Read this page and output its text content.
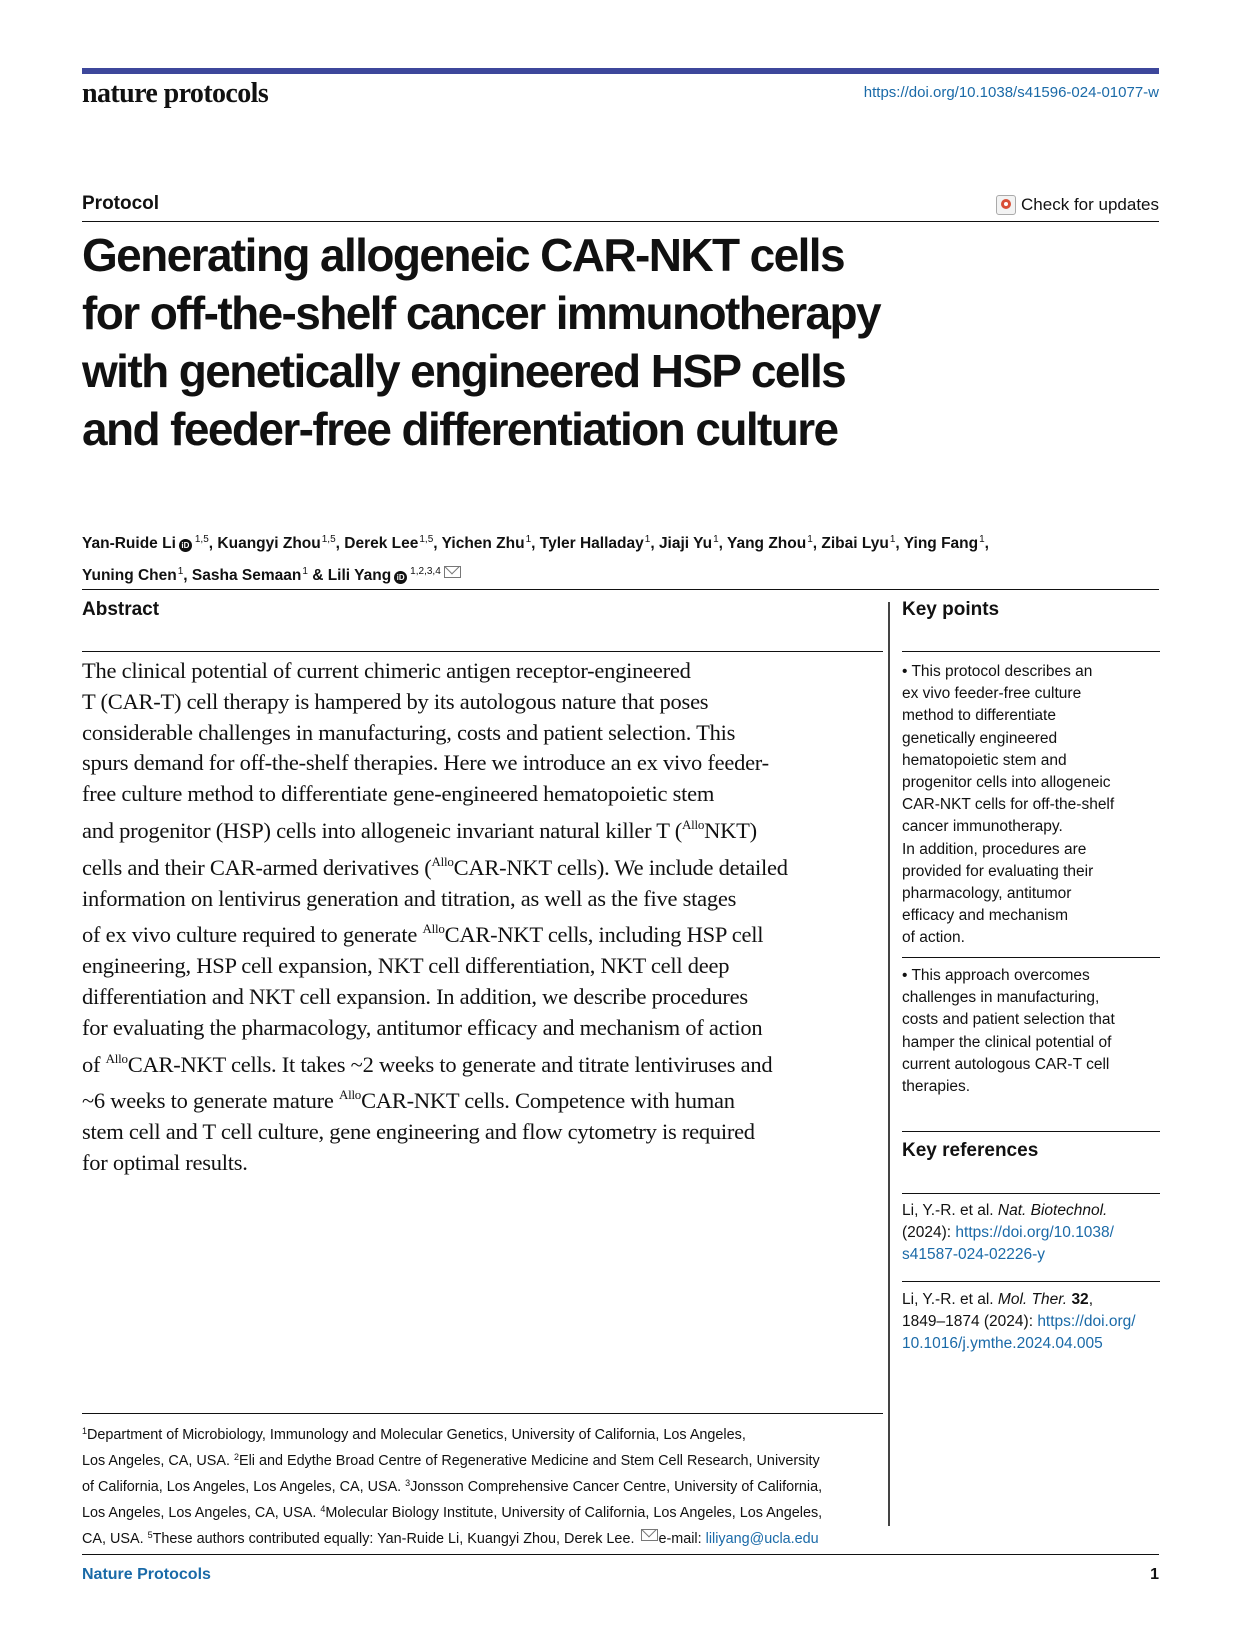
nature protocols	https://doi.org/10.1038/s41596-024-01077-w
Protocol	Check for updates
Generating allogeneic CAR-NKT cells
for off-the-shelf cancer immunotherapy
with genetically engineered HSP cells
and feeder-free differentiation culture
Yan-Ruide Li iD$^{1,5}$, Kuangyi Zhou$^{1,5}$, Derek Lee$^{1,5}$, Yichen Zhu$^1$, Tyler Halladay$^1$, Jiaji Yu$^1$, Yang Zhou$^1$, Zibai Lyu$^1$, Ying Fang$^1$,
Yuning Chen$^1$, Sasha Semaan$^1$ & Lili Yang iD$^{1,2,3,4}$
Abstract
The clinical potential of current chimeric antigen receptor-engineered
T (CAR-T) cell therapy is hampered by its autologous nature that poses
considerable challenges in manufacturing, costs and patient selection. This
spurs demand for off-the-shelf therapies. Here we introduce an ex vivo feeder-
free culture method to differentiate gene-engineered hematopoietic stem
and progenitor (HSP) cells into allogeneic invariant natural killer T ($^{Allo}$NKT)
cells and their CAR-armed derivatives ($^{Allo}$CAR-NKT cells). We include detailed
information on lentivirus generation and titration, as well as the five stages
of ex vivo culture required to generate $^{Allo}$CAR-NKT cells, including HSP cell
engineering, HSP cell expansion, NKT cell differentiation, NKT cell deep
differentiation and NKT cell expansion. In addition, we describe procedures
for evaluating the pharmacology, antitumor efficacy and mechanism of action
of $^{Allo}$CAR-NKT cells. It takes ~2 weeks to generate and titrate lentiviruses and
~6 weeks to generate mature $^{Allo}$CAR-NKT cells. Competence with human
stem cell and T cell culture, gene engineering and flow cytometry is required
for optimal results.
Key points
• This protocol describes an
ex vivo feeder-free culture
method to differentiate
genetically engineered
hematopoietic stem and
progenitor cells into allogeneic
CAR-NKT cells for off-the-shelf
cancer immunotherapy.
In addition, procedures are
provided for evaluating their
pharmacology, antitumor
efficacy and mechanism
of action.
• This approach overcomes
challenges in manufacturing,
costs and patient selection that
hamper the clinical potential of
current autologous CAR-T cell
therapies.
Key references
Li, Y.-R. et al. Nat. Biotechnol.
(2024): https://doi.org/10.1038/
s41587-024-02226-y
Li, Y.-R. et al. Mol. Ther. 32,
1849–1874 (2024): https://doi.org/
10.1016/j.ymthe.2024.04.005
$^1$Department of Microbiology, Immunology and Molecular Genetics, University of California, Los Angeles,
Los Angeles, CA, USA. $^2$Eli and Edythe Broad Centre of Regenerative Medicine and Stem Cell Research, University
of California, Los Angeles, Los Angeles, CA, USA. $^3$Jonsson Comprehensive Cancer Centre, University of California,
Los Angeles, Los Angeles, CA, USA. $^4$Molecular Biology Institute, University of California, Los Angeles, Los Angeles,
CA, USA. $^5$These authors contributed equally: Yan-Ruide Li, Kuangyi Zhou, Derek Lee. e-mail: liliyang@ucla.edu
Nature Protocols	1
